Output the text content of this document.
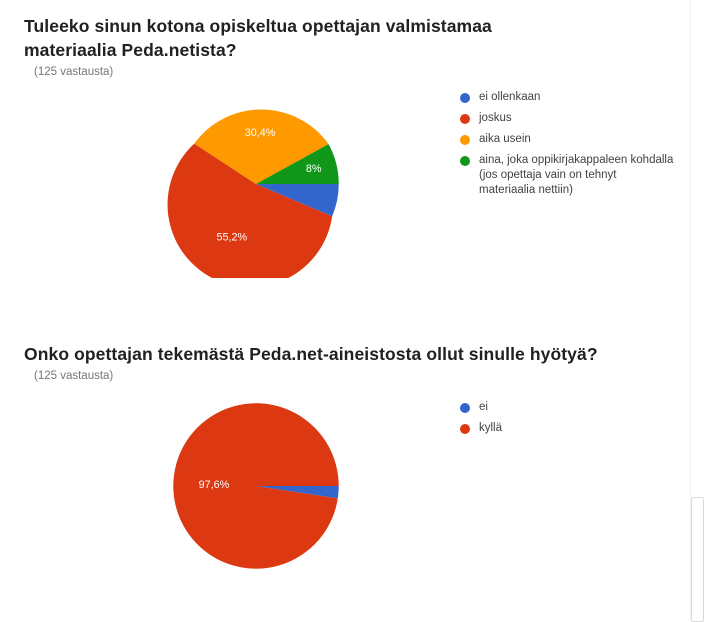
Tuleeko sinun kotona opiskeltua opettajan valmistamaa materiaalia Peda.netista?
(125 vastausta)
55,2%
30,4%
8%
ei ollenkaan
joskus
aika usein
aina, joka oppikirjakappaleen kohdalla (jos opettaja vain on tehnyt materiaalia nettiin)
Onko opettajan tekemästä Peda.net-aineistosta ollut sinulle hyötyä?
(125 vastausta)
97,6%
ei
kyllä
